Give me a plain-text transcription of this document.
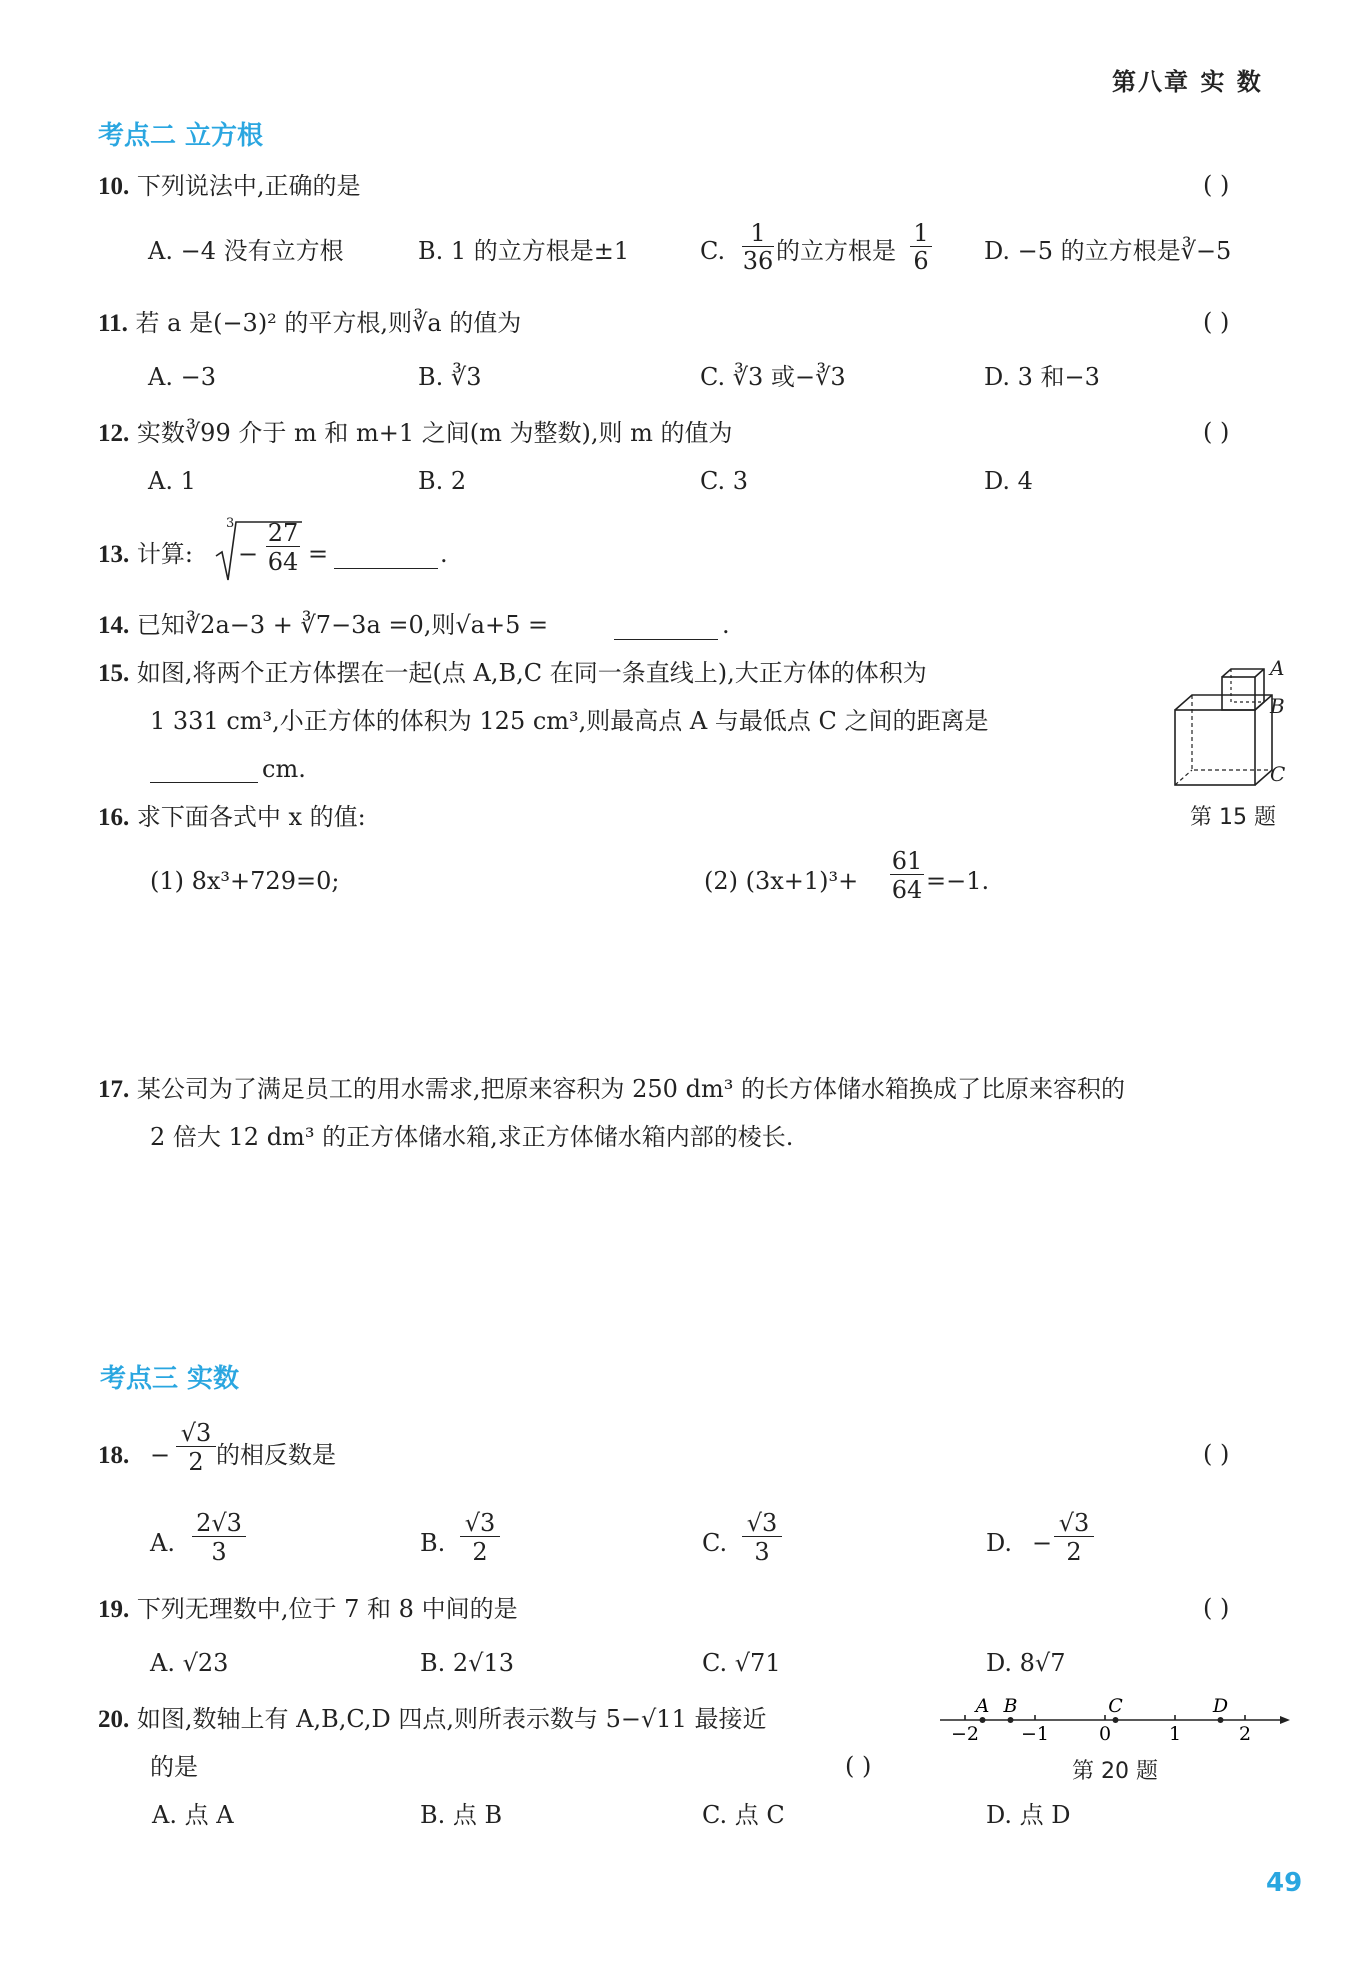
第八章 实 数
考点二 立方根
10. 下列说法中,正确的是	( )
A. −4 没有立方根	B. 1 的立方根是±1	C.
1
36 的立方根是
1
6 D. −5 的立方根是∛−5
11. 若 a 是(−3)² 的平方根,则∛a 的值为	( )
A. −3	B. ∛3	C. ∛3 或−∛3	D. 3 和−3
12. 实数∛99 介于 m 和 m+1 之间(m 为整数),则 m 的值为	( )
A. 1	B. 2	C. 3	D. 4
13. 计算:
3
−
27
64 =	.
14. 已知∛2a−3 + ∛7−3a =0,则√a+5 =	.
15. 如图,将两个正方体摆在一起(点 A,B,C 在同一条直线上),大正方体的体积为
1 331 cm³,小正方体的体积为 125 cm³,则最高点 A 与最低点 C 之间的距离是
cm.
A
B
C
第 15 题
16. 求下面各式中 x 的值:
(1) 8x³+729=0;	(2) (3x+1)³+
61
64 =−1.
17. 某公司为了满足员工的用水需求,把原来容积为 250 dm³ 的长方体储水箱换成了比原来容积的
2 倍大 12 dm³ 的正方体储水箱,求正方体储水箱内部的棱长.
考点三 实数
18. −
√3
2 的相反数是	( )
A.
2√3
3	B.
√3
2	C.
√3
3	D. −
√3
2
19. 下列无理数中,位于 7 和 8 中间的是	( )
A. √23	B. 2√13	C. √71	D. 8√7
20. 如图,数轴上有 A,B,C,D 四点,则所表示数与 5−√11 最接近
的是	( )
A. 点 A	B. 点 B	C. 点 C	D. 点 D
−2 −1	0	1	2
A B	C	D
第 20 题
49
